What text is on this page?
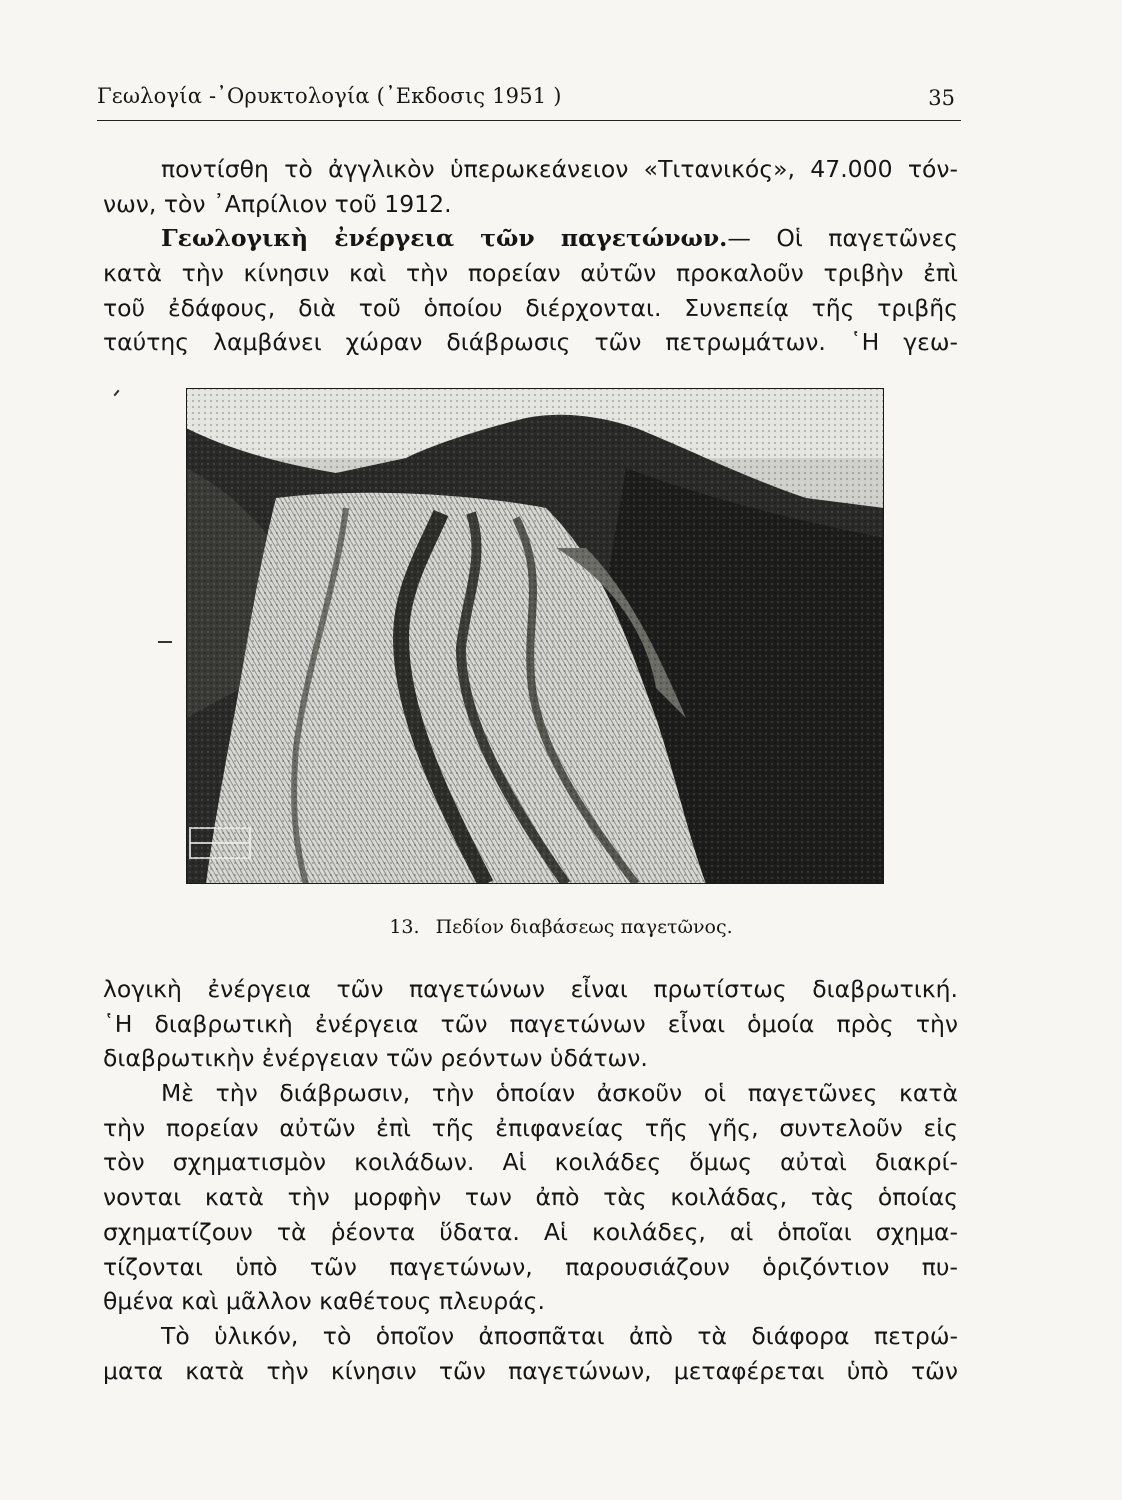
Γεωλογία -᾿Ορυκτολογία (᾿Εκδοσις 1951 )	35
ποντίσθη τὸ ἀγγλικὸν ὑπερωκεάνειον «Τιτανικός», 47.000 τόν-
νων, τὸν ᾿Απρίλιον τοῦ 1912.
Γεωλογικὴ ἐνέργεια τῶν παγετώνων.— Οἱ παγετῶνες
κατὰ τὴν κίνησιν καὶ τὴν πορείαν αὐτῶν προκαλοῦν τριβὴν ἐπὶ
τοῦ ἐδάφους, διὰ τοῦ ὁποίου διέρχονται. Συνεπείᾳ τῆς τριβῆς
ταύτης λαμβάνει χώραν διάβρωσις τῶν πετρωμάτων. ῾Η γεω-
13. Πεδίον διαβάσεως παγετῶνος.
λογικὴ ἐνέργεια τῶν παγετώνων εἶναι πρωτίστως διαβρωτική.
῾Η διαβρωτικὴ ἐνέργεια τῶν παγετώνων εἶναι ὁμοία πρὸς τὴν
διαβρωτικὴν ἐνέργειαν τῶν ρεόντων ὑδάτων.
Μὲ τὴν διάβρωσιν, τὴν ὁποίαν ἀσκοῦν οἱ παγετῶνες κατὰ
τὴν πορείαν αὐτῶν ἐπὶ τῆς ἐπιφανείας τῆς γῆς, συντελοῦν εἰς
τὸν σχηματισμὸν κοιλάδων. Αἱ κοιλάδες ὅμως αὐταὶ διακρί-
νονται κατὰ τὴν μορφὴν των ἀπὸ τὰς κοιλάδας, τὰς ὁποίας
σχηματίζουν τὰ ῥέοντα ὕδατα. Αἱ κοιλάδες, αἱ ὁποῖαι σχημα-
τίζονται ὑπὸ τῶν παγετώνων, παρουσιάζουν ὁριζόντιον πυ-
θμένα καὶ μᾶλλον καθέτους πλευράς.
Τὸ ὑλικόν, τὸ ὁποῖον ἀποσπᾶται ἀπὸ τὰ διάφορα πετρώ-
ματα κατὰ τὴν κίνησιν τῶν παγετώνων, μεταφέρεται ὑπὸ τῶν
